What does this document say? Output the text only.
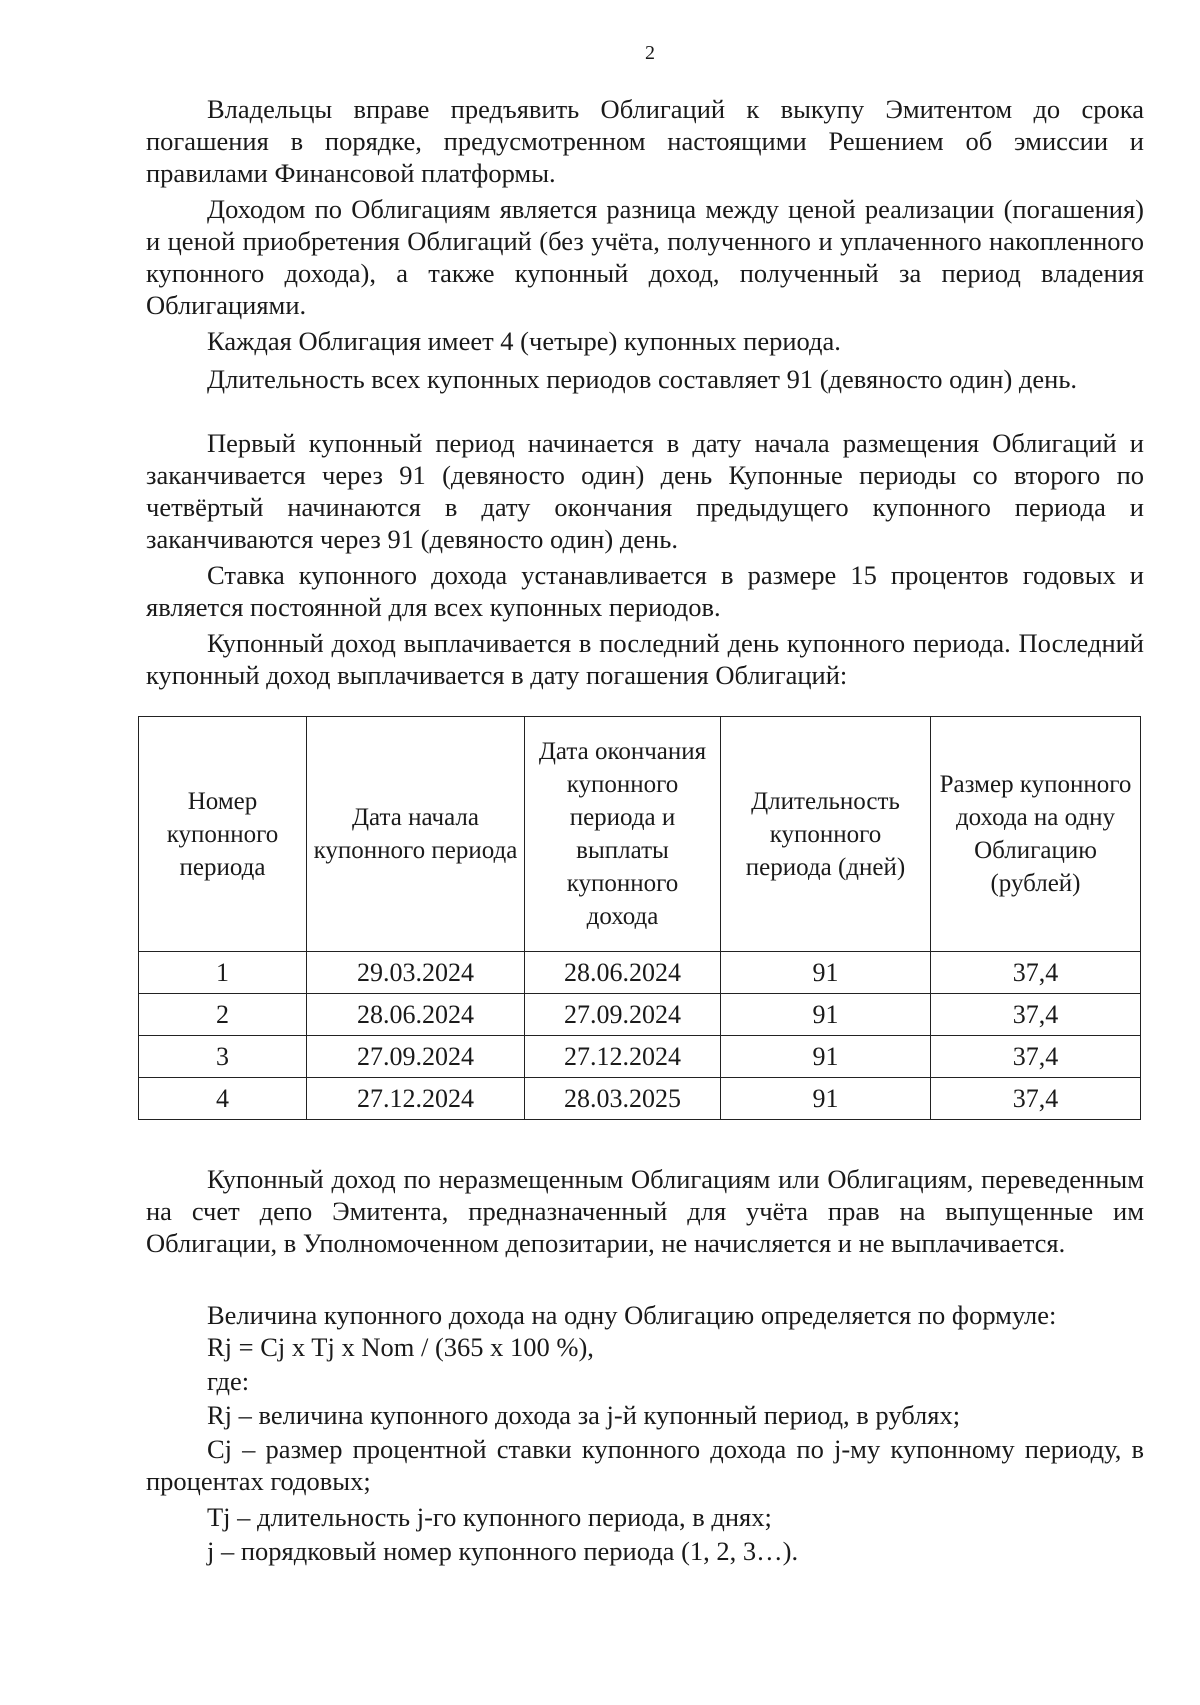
2

Владельцы вправе предъявить Облигаций к выкупу Эмитентом до срока погашения в порядке, предусмотренном настоящими Решением об эмиссии и правилами Финансовой платформы.

Доходом по Облигациям является разница между ценой реализации (погашения) и ценой приобретения Облигаций (без учёта, полученного и уплаченного накопленного купонного дохода), а также купонный доход, полученный за период владения Облигациями.

Каждая Облигация имеет 4 (четыре) купонных периода.

Длительность всех купонных периодов составляет 91 (девяносто один) день.

Первый купонный период начинается в дату начала размещения Облигаций и заканчивается через 91 (девяносто один) день Купонные периоды со второго по четвёртый начинаются в дату окончания предыдущего купонного периода и заканчиваются через 91 (девяносто один) день.

Ставка купонного дохода устанавливается в размере 15 процентов годовых и является постоянной для всех купонных периодов.

Купонный доход выплачивается в последний день купонного периода. Последний купонный доход выплачивается в дату погашения Облигаций:

Номер купонного периода	Дата начала купонного периода	Дата окончания купонного периода и выплаты купонного дохода	Длительность купонного периода (дней)	Размер купонного дохода на одну Облигацию (рублей)
1	29.03.2024	28.06.2024	91	37,4
2	28.06.2024	27.09.2024	91	37,4
3	27.09.2024	27.12.2024	91	37,4
4	27.12.2024	28.03.2025	91	37,4

Купонный доход по неразмещенным Облигациям или Облигациям, переведенным на счет депо Эмитента, предназначенный для учёта прав на выпущенные им Облигации, в Уполномоченном депозитарии, не начисляется и не выплачивается.

Величина купонного дохода на одну Облигацию определяется по формуле:

Rj = Cj x Tj x Nom / (365 x 100 %),

где:

Rj – величина купонного дохода за j-й купонный период, в рублях;

Cj – размер процентной ставки купонного дохода по j-му купонному периоду, в процентах годовых;

Tj – длительность j-го купонного периода, в днях;

j – порядковый номер купонного периода (1, 2, 3…).
